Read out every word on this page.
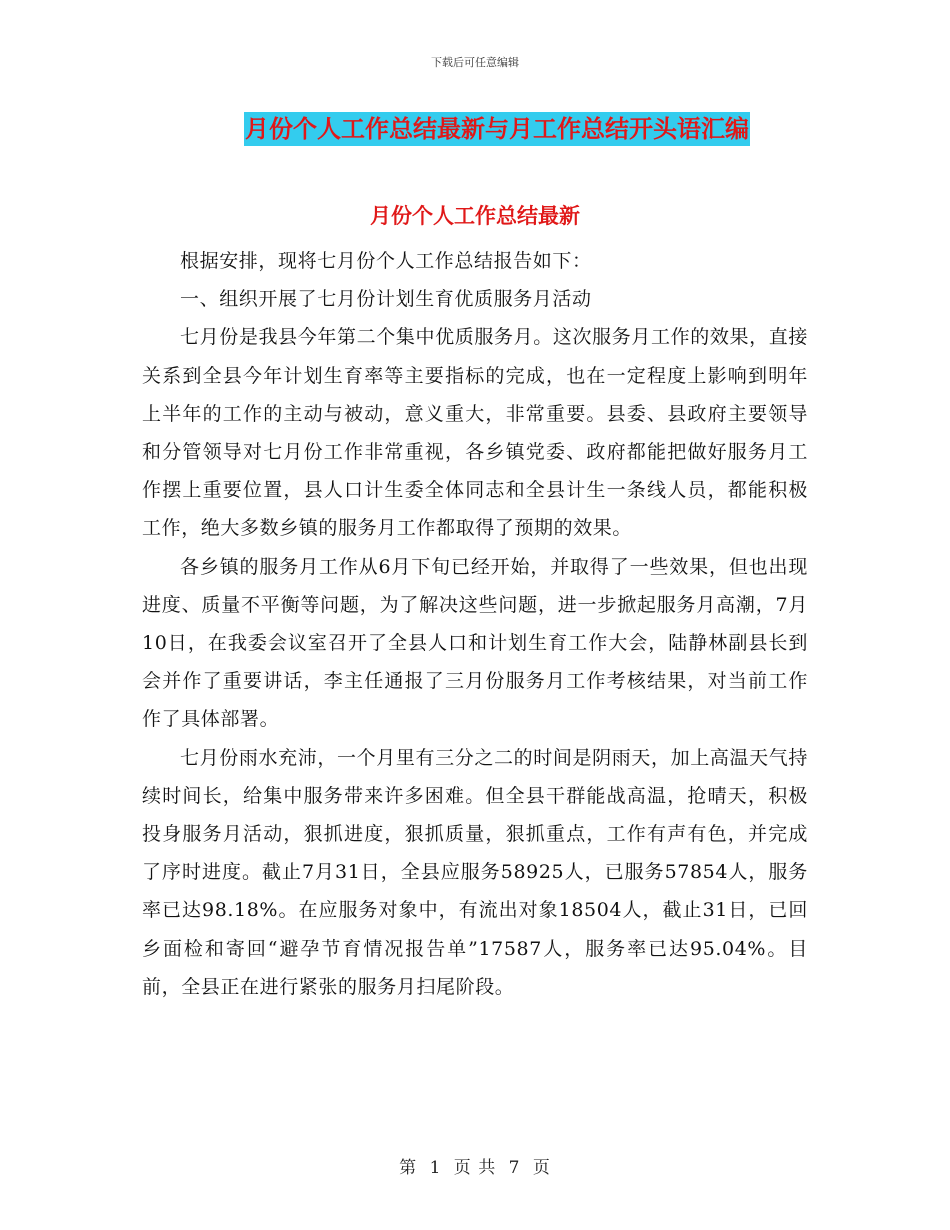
下载后可任意编辑
月份个人工作总结最新与月工作总结开头语汇编
月份个人工作总结最新

根据安排，现将七月份个人工作总结报告如下：

一、组织开展了七月份计划生育优质服务月活动

七月份是我县今年第二个集中优质服务月。这次服务月工作的效果，直接关系到全县今年计划生育率等主要指标的完成，也在一定程度上影响到明年上半年的工作的主动与被动，意义重大，非常重要。县委、县政府主要领导和分管领导对七月份工作非常重视，各乡镇党委、政府都能把做好服务月工作摆上重要位置，县人口计生委全体同志和全县计生一条线人员，都能积极工作，绝大多数乡镇的服务月工作都取得了预期的效果。

各乡镇的服务月工作从6月下旬已经开始，并取得了一些效果，但也出现进度、质量不平衡等问题，为了解决这些问题，进一步掀起服务月高潮，7月10日，在我委会议室召开了全县人口和计划生育工作大会，陆静林副县长到会并作了重要讲话，李主任通报了三月份服务月工作考核结果，对当前工作作了具体部署。

七月份雨水充沛，一个月里有三分之二的时间是阴雨天，加上高温天气持续时间长，给集中服务带来许多困难。但全县干群能战高温，抢晴天，积极投身服务月活动，狠抓进度，狠抓质量，狠抓重点，工作有声有色，并完成了序时进度。截止7月31日，全县应服务58925人，已服务57854人，服务率已达98.18%。在应服务对象中，有流出对象18504人，截止31日，已回乡面检和寄回“避孕节育情况报告单”17587人，服务率已达95.04%。目前，全县正在进行紧张的服务月扫尾阶段。

第 1 页 共 7 页
